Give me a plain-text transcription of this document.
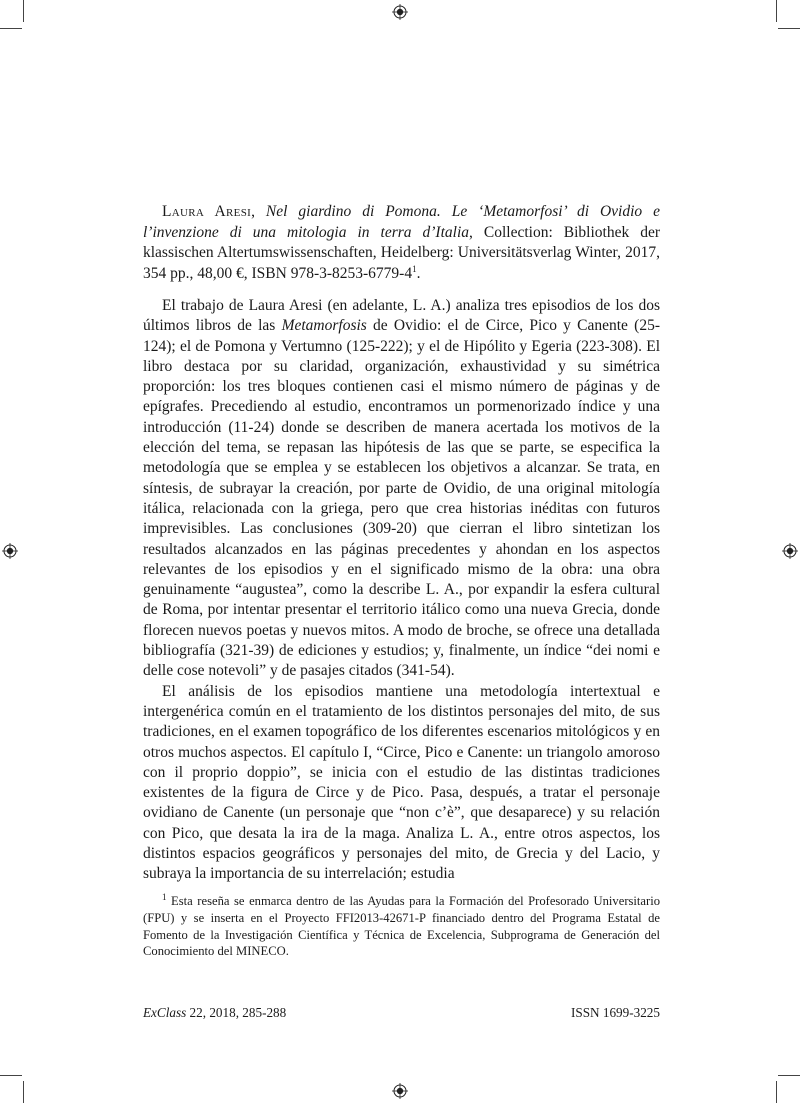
Laura Aresi, Nel giardino di Pomona. Le ‘Metamorfosi’ di Ovidio e l’invenzione di una mitologia in terra d’Italia, Collection: Bibliothek der klassischen Altertumswissenschaften, Heidelberg: Universitätsverlag Winter, 2017, 354 pp., 48,00 €, ISBN $978-3-8253-6779-4^1$.

El trabajo de Laura Aresi (en adelante, L. A.) analiza tres episodios de los dos últimos libros de las Metamorfosis de Ovidio: el de Circe, Pico y Canente (25-124); el de Pomona y Vertumno (125-222); y el de Hipólito y Egeria (223-308). El libro destaca por su claridad, organización, exhaustividad y su simétrica proporción: los tres bloques contienen casi el mismo número de páginas y de epígrafes. Precediendo al estudio, encontramos un pormenorizado índice y una introducción (11-24) donde se describen de manera acertada los motivos de la elección del tema, se repasan las hipótesis de las que se parte, se especifica la metodología que se emplea y se establecen los objetivos a alcanzar. Se trata, en síntesis, de subrayar la creación, por parte de Ovidio, de una original mitología itálica, relacionada con la griega, pero que crea historias inéditas con futuros imprevisibles. Las conclusiones (309-20) que cierran el libro sintetizan los resultados alcanzados en las páginas precedentes y ahondan en los aspectos relevantes de los episodios y en el significado mismo de la obra: una obra genuinamente “augustea”, como la describe L. A., por expandir la esfera cultural de Roma, por intentar presentar el territorio itálico como una nueva Grecia, donde florecen nuevos poetas y nuevos mitos. A modo de broche, se ofrece una detallada bibliografía (321-39) de ediciones y estudios; y, finalmente, un índice “dei nomi e delle cose notevoli” y de pasajes citados (341-54).

El análisis de los episodios mantiene una metodología intertextual e intergenérica común en el tratamiento de los distintos personajes del mito, de sus tradiciones, en el examen topográfico de los diferentes escenarios mitológicos y en otros muchos aspectos. El capítulo I, “Circe, Pico e Canente: un triangolo amoroso con il proprio doppio”, se inicia con el estudio de las distintas tradiciones existentes de la figura de Circe y de Pico. Pasa, después, a tratar el personaje ovidiano de Canente (un personaje que “non c’è”, que desaparece) y su relación con Pico, que desata la ira de la maga. Analiza L. A., entre otros aspectos, los distintos espacios geográficos y personajes del mito, de Grecia y del Lacio, y subraya la importancia de su interrelación; estudia

$^1$ Esta reseña se enmarca dentro de las Ayudas para la Formación del Profesorado Universitario (FPU) y se inserta en el Proyecto FFI2013-42671-P financiado dentro del Programa Estatal de Fomento de la Investigación Científica y Técnica de Excelencia, Subprograma de Generación del Conocimiento del MINECO.
ExClass 22, 2018, 285-288	ISSN 1699-3225
